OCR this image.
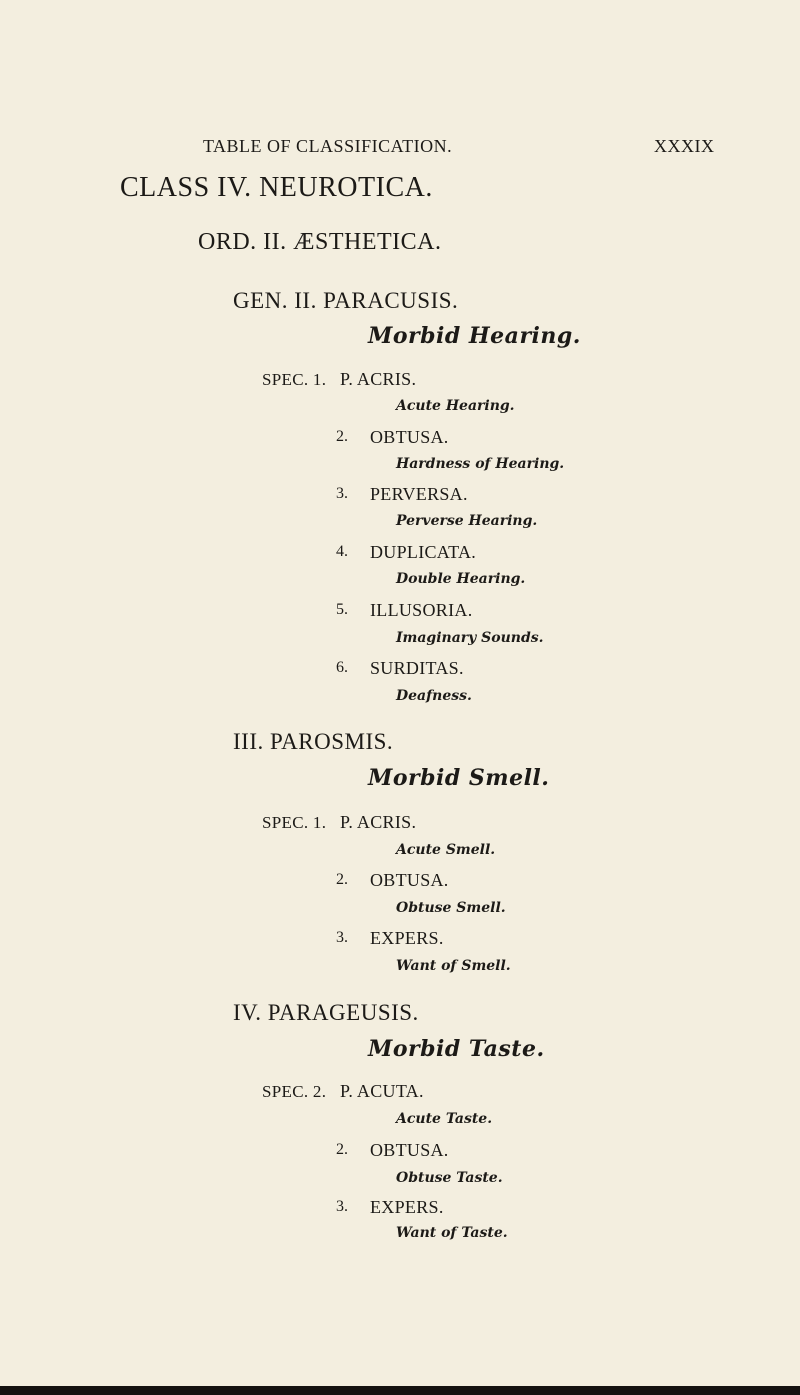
TABLE OF CLASSIFICATION.	XXXIX
CLASS IV. NEUROTICA.
ORD. II. ÆSTHETICA.
GEN. II. PARACUSIS.
Morbid Hearing.
SPEC. 1. P. ACRIS.
Acute Hearing.
2. OBTUSA.
Hardness of Hearing.
3. PERVERSA.
Perverse Hearing.
4. DUPLICATA.
Double Hearing.
5. ILLUSORIA.
Imaginary Sounds.
6. SURDITAS.
Deafness.
III. PAROSMIS.
Morbid Smell.
SPEC. 1. P. ACRIS.
Acute Smell.
2. OBTUSA.
Obtuse Smell.
3. EXPERS.
Want of Smell.
IV. PARAGEUSIS.
Morbid Taste.
SPEC. 2. P. ACUTA.
Acute Taste.
2. OBTUSA.
Obtuse Taste.
3. EXPERS.
Want of Taste.
